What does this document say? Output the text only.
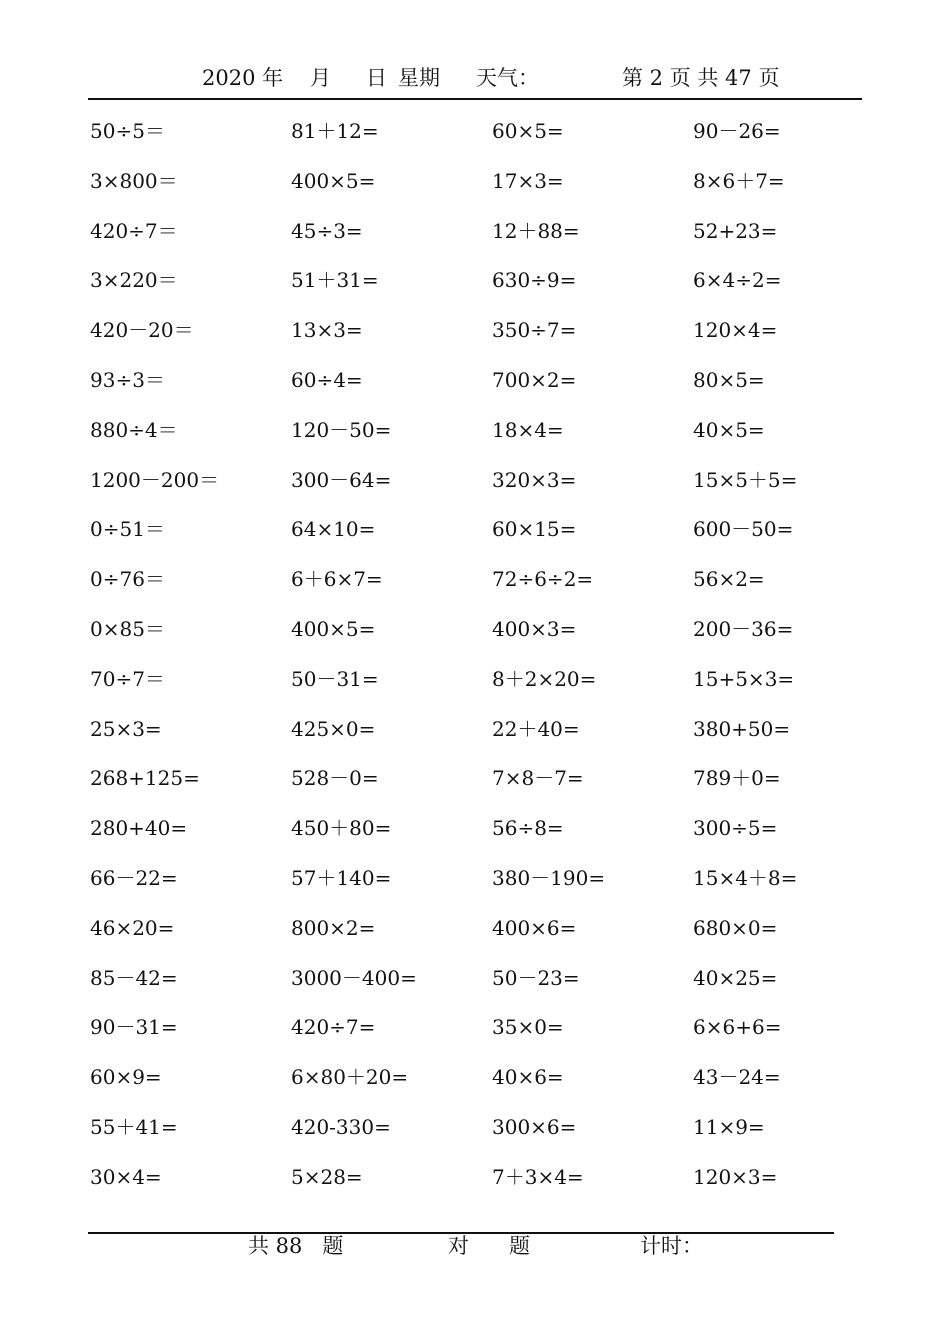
2020 年 月 日 星期 天气：	第 2 页 共 47 页
50÷5＝	81＋12=	60×5=	90－26=
3×800＝	400×5=	17×3=	8×6＋7=
420÷7＝	45÷3=	12＋88=	52+23=
3×220＝	51＋31=	630÷9=	6×4÷2=
420－20＝	13×3=	350÷7=	120×4=
93÷3＝	60÷4=	700×2=	80×5=
880÷4＝	120－50=	18×4=	40×5=
1200－200＝	300－64=	320×3=	15×5＋5=
0÷51＝	64×10=	60×15=	600－50=
0÷76＝	6＋6×7=	72÷6÷2=	56×2=
0×85＝	400×5=	400×3=	200－36=
70÷7＝	50－31=	8＋2×20=	15+5×3=
25×3=	425×0=	22＋40=	380+50=
268+125=	528－0=	7×8－7=	789＋0=
280+40=	450＋80=	56÷8=	300÷5=
66－22=	57＋140=	380－190=	15×4＋8=
46×20=	800×2=	400×6=	680×0=
85－42=	3000－400=	50－23=	40×25=
90－31=	420÷7=	35×0=	6×6+6=
60×9=	6×80＋20=	40×6=	43－24=
55＋41=	420-330=	300×6=	11×9=
30×4=	5×28=	7＋3×4=	120×3=
共 88   题	对      题	计时：
